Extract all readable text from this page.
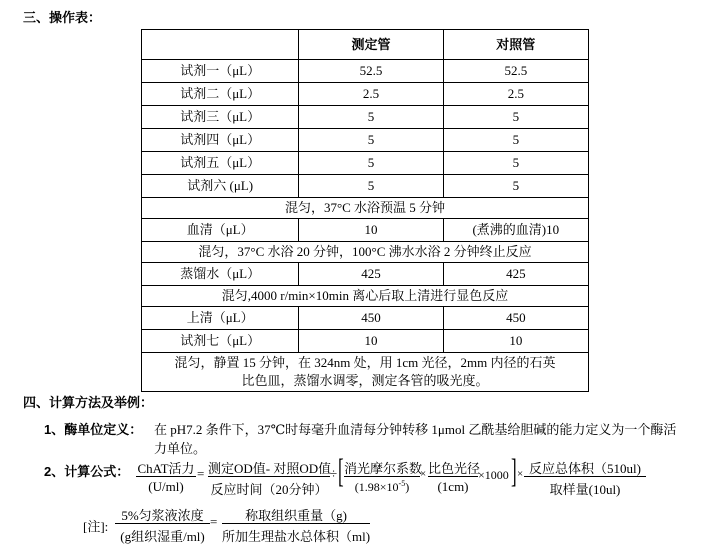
三、操作表：
	测定管	对照管
试剂一（μL）	52.5	52.5
试剂二（μL）	2.5	2.5
试剂三（μL）	5	5
试剂四（μL）	5	5
试剂五（μL）	5	5
试剂六 (μL)	5	5
混匀，37°C 水浴预温 5 分钟		
血清（μL）	10	(煮沸的血清)10
混匀，37°C 水浴 20 分钟，100°C 沸水水浴 2 分钟终止反应		
蒸馏水（μL）	425	425
混匀,4000 r/min×10min 离心后取上清进行显色反应		
上清（μL）	450	450
试剂七（μL）	10	10

混匀，静置 15 分钟，在 324nm 处，用 1cm 光径，2mm 内径的石英
比色皿，蒸馏水调零，测定各管的吸光度。		
四、计算方法及举例：
1、酶单位定义： 在 pH7.2 条件下，37℃时每毫升血清每分钟转移 1μmol 乙酰基给胆碱的能力定义为一个酶活
力单位。
2、计算公式： ChAT活力
(U/ml)
= 测定OD值- 对照OD值
反应时间（20分钟）
÷ [ 消光摩尔系数
$(1.98\times 10^{-5})$
× 比色光径
(1cm)
×1000 ] × 反应总体积（510ul)
取样量(10ul)
[注]:
5%匀浆液浓度
(g组织湿重/ml)
=	称取组织重量（g)
所加生理盐水总体积（ml)
